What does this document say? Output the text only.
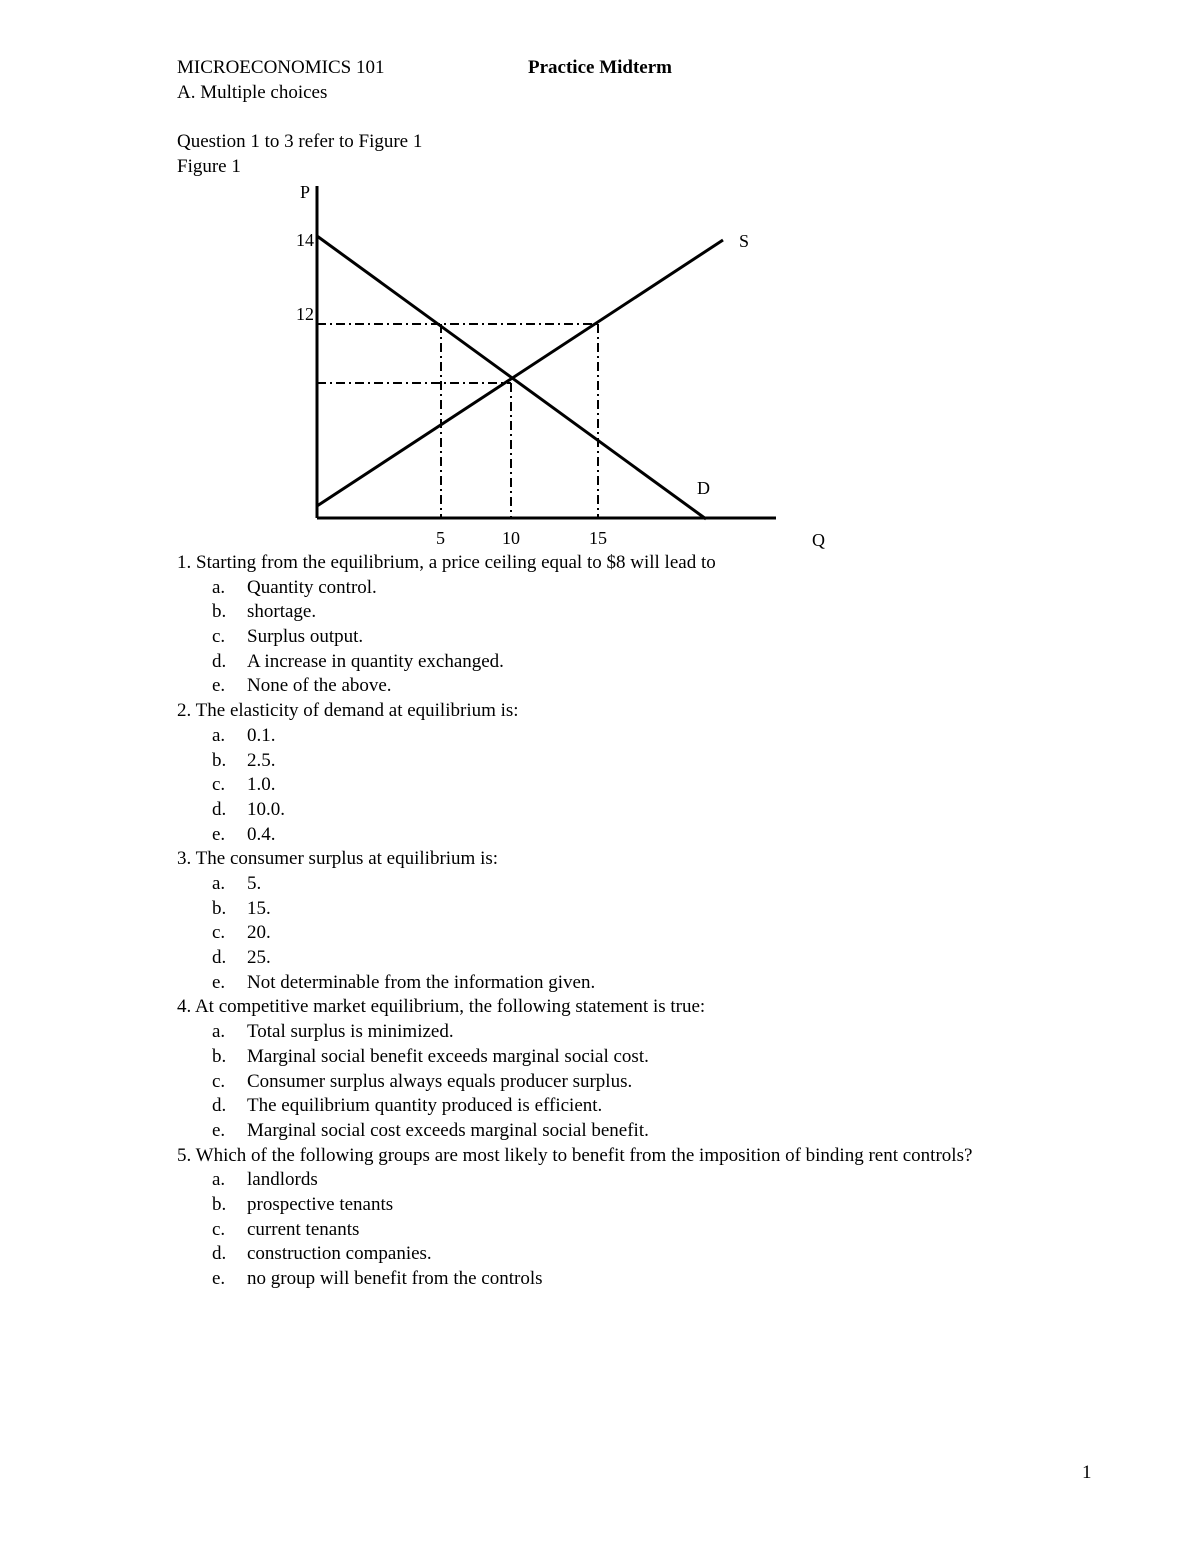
MICROECONOMICS 101	Practice Midterm
A. Multiple choices
Question 1 to 3 refer to Figure 1
Figure 1
P
14
12
S
D
5	10	15	Q
1. Starting from the equilibrium, a price ceiling equal to $8 will lead to
a. Quantity control.
b. shortage.
c. Surplus output.
d. A increase in quantity exchanged.
e. None of the above.
2. The elasticity of demand at equilibrium is:
a. 0.1.
b. 2.5.
c. 1.0.
d. 10.0.
e. 0.4.
3. The consumer surplus at equilibrium is:
a. 5.
b. 15.
c. 20.
d. 25.
e. Not determinable from the information given.
4. At competitive market equilibrium, the following statement is true:
a. Total surplus is minimized.
b. Marginal social benefit exceeds marginal social cost.
c. Consumer surplus always equals producer surplus.
d. The equilibrium quantity produced is efficient.
e. Marginal social cost exceeds marginal social benefit.
5. Which of the following groups are most likely to benefit from the imposition of binding rent controls?
a. landlords
b. prospective tenants
c. current tenants
d. construction companies.
e. no group will benefit from the controls
1
